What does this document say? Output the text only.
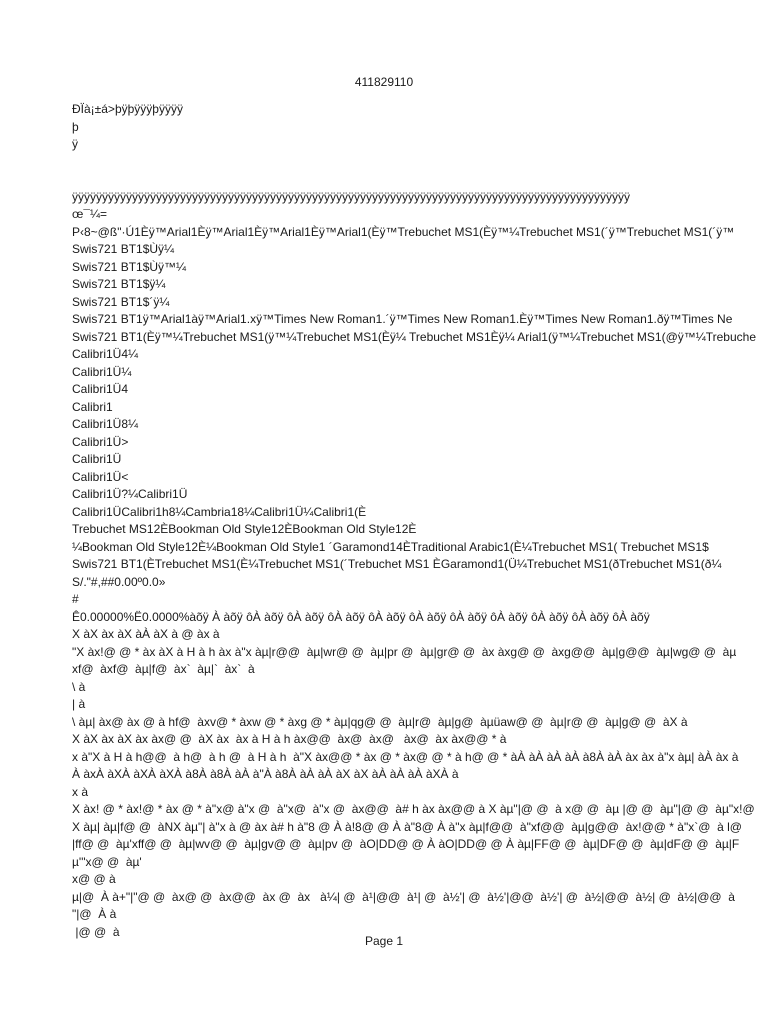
411829110
ÐÏà¡±á>þÿþÿÿÿþÿÿÿÿ
þ
ÿ
ÿÿÿÿÿÿÿÿÿÿÿÿÿÿÿÿÿÿÿÿÿÿÿÿÿÿÿÿÿÿÿÿÿÿÿÿÿÿÿÿÿÿÿÿÿÿÿÿÿÿÿÿÿÿÿÿÿÿÿÿÿÿÿÿÿÿÿÿÿÿÿÿÿÿÿÿÿÿÿÿÿÿÿÿÿÿÿÿÿÿÿÿÿ
œ¯¼=
P‹8~@ß"·Ú1Èÿ™Arial1Èÿ™Arial1Èÿ™Arial1Èÿ™Arial1(Èÿ™Trebuchet MS1(Èÿ™¼Trebuchet MS1(´ÿ™Trebuchet MS1(´ÿ™
Swis721 BT1$Ùÿ¼
Swis721 BT1$Ùÿ™¼
Swis721 BT1$ÿ¼
Swis721 BT1$´ÿ¼
Swis721 BT1ÿ™Arial1àÿ™Arial1.xÿ™Times New Roman1.´ÿ™Times New Roman1.Èÿ™Times New Roman1.ðÿ™Times Ne
Swis721 BT1(Èÿ™¼Trebuchet MS1(ÿ™¼Trebuchet MS1(Èÿ¼ Trebuchet MS1Èÿ¼ Arial1(ÿ™¼Trebuchet MS1(@ÿ™¼Trebuche
Calibri1Ü4¼
Calibri1Ü¼
Calibri1Ü4
Calibri1
Calibri1Ü8¼
Calibri1Ü>
Calibri1Ü
Calibri1Ü<
Calibri1Ü?¼Calibri1Ü
Calibri1ÜCalibri1h8¼Cambria18¼Calibri1Ü¼Calibri1(È
Trebuchet MS12ÈBookman Old Style12ÈBookman Old Style12È
¼Bookman Old Style12È¼Bookman Old Style1 ´Garamond14ÈTraditional Arabic1(È¼Trebuchet MS1( Trebuchet MS1$
Swis721 BT1(ÈTrebuchet MS1(È¼Trebuchet MS1(´Trebuchet MS1 ÈGaramond1(Ü¼Trebuchet MS1(ðTrebuchet MS1(ð¼
S/."#,##0.00º0.0»
#
Ê0.00000%Ë0.0000%àõÿ À àõÿ ôÀ àõÿ ôÀ àõÿ ôÀ àõÿ ôÀ àõÿ ôÀ àõÿ ôÀ àõÿ ôÀ àõÿ ôÀ àõÿ ôÀ àõÿ ôÀ àõÿ
X àX àx àX àÀ àX à @ àx à
"X àx!@ @ * àx àX à H à h àx à"x àµ|r@@  àµ|wr@ @  àµ|pr @  àµ|gr@ @  àx àxg@ @  àxg@@  àµ|g@@  àµ|wg@ @  àµ
xf@  àxf@  àµ|f@  àx`  àµ|`  àx`  à
\ à
| à
\ àµ| àx@ àx @ à hf@  àxv@ * àxw @ * àxg @ * àµ|qg@ @  àµ|r@  àµ|g@  àµüaw@ @  àµ|r@ @  àµ|g@ @  àX à
X àX àx àX àx àx@ @  àX àx  àx à H à h àx@@  àx@  àx@   àx@  àx àx@@ * à
x à"X à H à h@@  à h@  à h @  à H à h  à"X àx@@ * àx @ * àx@ @ * à h@ @ * àÀ àÀ àÀ àÀ à8À àÀ àx àx à"x àµ| àÀ àx à
À àxÀ àXÀ àXÀ àXÀ à8À à8À àÀ à"À à8À àÀ àÀ àX àX àÀ àÀ àÀ àXÀ à
x à
X àx! @ * àx!@ * àx @ * à"x@ à"x @  à"x@  à"x @  àx@@  à# h àx àx@@ à X àµ"|@ @  à x@ @  àµ |@ @  àµ"|@ @  àµ"x!@
X àµ| àµ|f@ @  àNX àµ"| à"x à @ àx à# h à"8 @ À à!8@ @ À à"8@ À à"x àµ|f@@  à"xf@@  àµ|g@@  àx!@@ * à"x`@  à l@
|ff@ @  àµ'xff@ @  àµ|wv@ @  àµ|gv@ @  àµ|pv @  àO|DD@ @ À àO|DD@ @ À àµ|FF@ @  àµ|DF@ @  àµ|dF@ @  àµ|F
µ'"x@ @  àµ'
x@ @ à
µ|@  À à+"|"@ @  àx@ @  àx@@  àx @  àx   à¼| @  à¹|@@  à¹| @  à½'| @  à½'|@@  à½'| @  à½|@@  à½| @  à½|@@  à
"|@  À à
|@ @  à
Page 1
